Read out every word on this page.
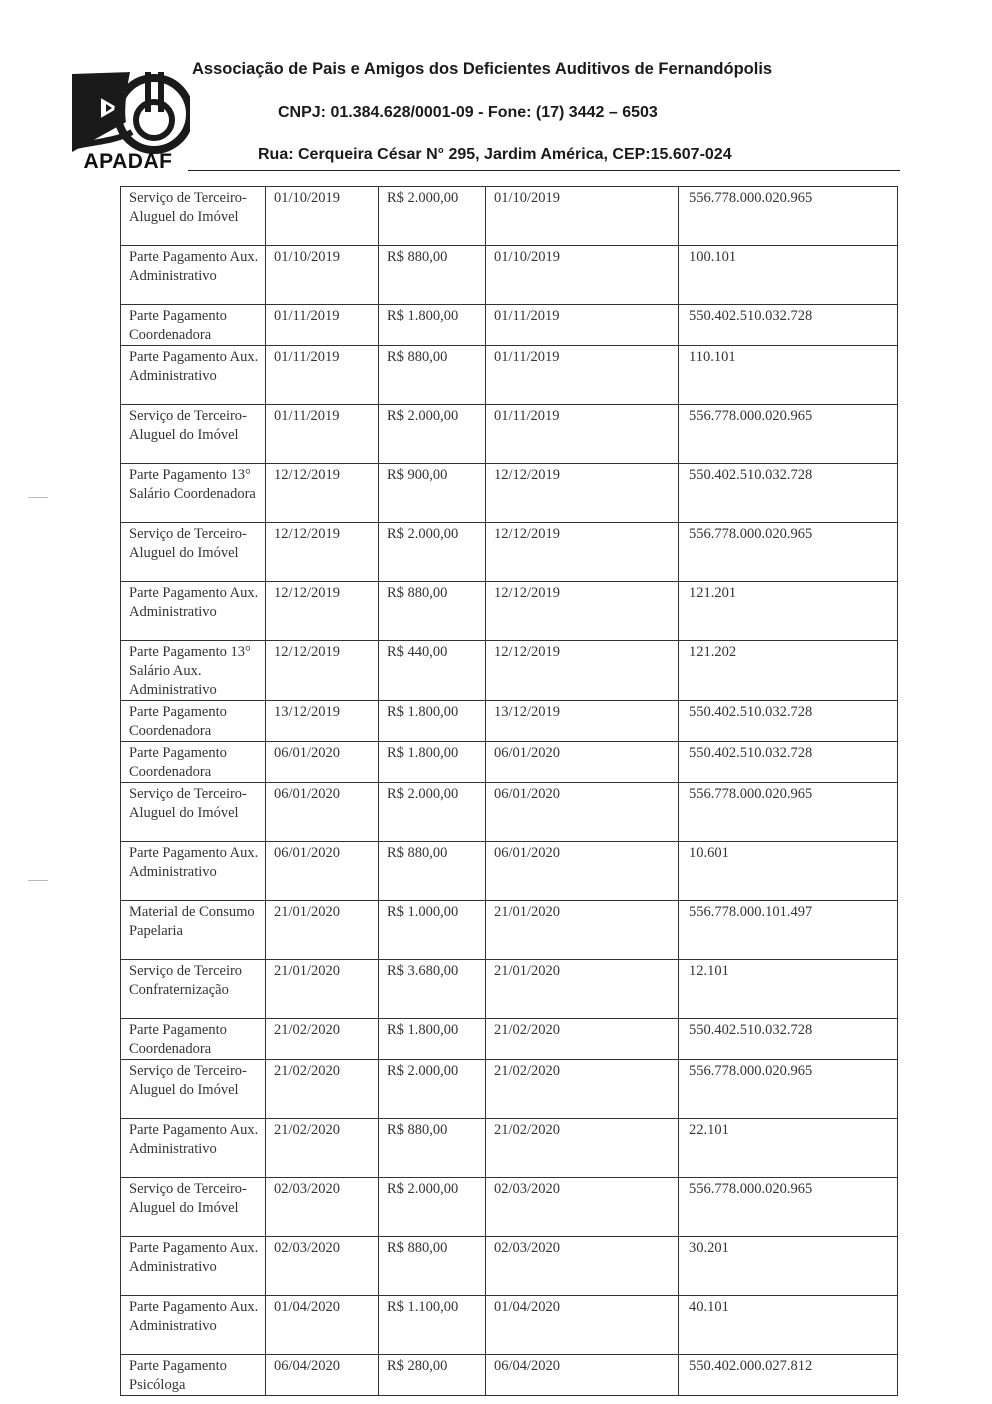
APADAF
Associação de Pais e Amigos dos Deficientes Auditivos de Fernandópolis
CNPJ: 01.384.628/0001-09 - Fone: (17) 3442 – 6503
Rua: Cerqueira César N° 295, Jardim América, CEP:15.607-024
Serviço de Terceiro-Aluguel do Imóvel	01/10/2019	R$ 2.000,00	01/10/2019	556.778.000.020.965
Parte Pagamento Aux. Administrativo	01/10/2019	R$ 880,00	01/10/2019	100.101
Parte Pagamento Coordenadora	01/11/2019	R$ 1.800,00	01/11/2019	550.402.510.032.728
Parte Pagamento Aux. Administrativo	01/11/2019	R$ 880,00	01/11/2019	110.101
Serviço de Terceiro-Aluguel do Imóvel	01/11/2019	R$ 2.000,00	01/11/2019	556.778.000.020.965
Parte Pagamento 13° Salário Coordenadora	12/12/2019	R$ 900,00	12/12/2019	550.402.510.032.728
Serviço de Terceiro-Aluguel do Imóvel	12/12/2019	R$ 2.000,00	12/12/2019	556.778.000.020.965
Parte Pagamento Aux. Administrativo	12/12/2019	R$ 880,00	12/12/2019	121.201
Parte Pagamento 13° Salário Aux. Administrativo	12/12/2019	R$ 440,00	12/12/2019	121.202
Parte Pagamento Coordenadora	13/12/2019	R$ 1.800,00	13/12/2019	550.402.510.032.728
Parte Pagamento Coordenadora	06/01/2020	R$ 1.800,00	06/01/2020	550.402.510.032.728
Serviço de Terceiro-Aluguel do Imóvel	06/01/2020	R$ 2.000,00	06/01/2020	556.778.000.020.965
Parte Pagamento Aux. Administrativo	06/01/2020	R$ 880,00	06/01/2020	10.601
Material de Consumo Papelaria	21/01/2020	R$ 1.000,00	21/01/2020	556.778.000.101.497
Serviço de Terceiro Confraternização	21/01/2020	R$ 3.680,00	21/01/2020	12.101
Parte Pagamento Coordenadora	21/02/2020	R$ 1.800,00	21/02/2020	550.402.510.032.728
Serviço de Terceiro-Aluguel do Imóvel	21/02/2020	R$ 2.000,00	21/02/2020	556.778.000.020.965
Parte Pagamento Aux. Administrativo	21/02/2020	R$ 880,00	21/02/2020	22.101
Serviço de Terceiro-Aluguel do Imóvel	02/03/2020	R$ 2.000,00	02/03/2020	556.778.000.020.965
Parte Pagamento Aux. Administrativo	02/03/2020	R$ 880,00	02/03/2020	30.201
Parte Pagamento Aux. Administrativo	01/04/2020	R$ 1.100,00	01/04/2020	40.101
Parte Pagamento Psicóloga	06/04/2020	R$ 280,00	06/04/2020	550.402.000.027.812
